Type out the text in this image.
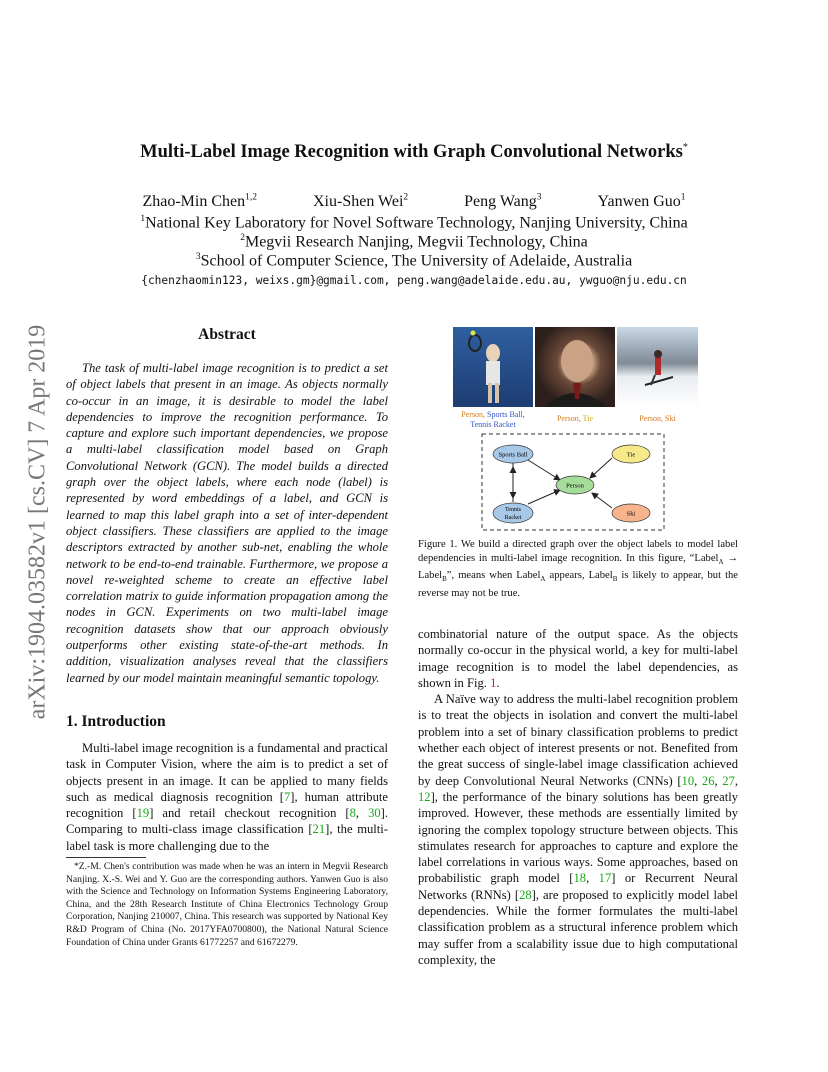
arXiv:1904.03582v1 [cs.CV] 7 Apr 2019
Multi-Label Image Recognition with Graph Convolutional Networks*
Zhao-Min Chen$^{1,2}$	Xiu-Shen Wei$^2$	Peng Wang$^3$	Yanwen Guo$^1$
$^1$National Key Laboratory for Novel Software Technology, Nanjing University, China
$^2$Megvii Research Nanjing, Megvii Technology, China
$^3$School of Computer Science, The University of Adelaide, Australia
{chenzhaomin123, weixs.gm}@gmail.com, peng.wang@adelaide.edu.au, ywguo@nju.edu.cn
Abstract
The task of multi-label image recognition is to predict a set of object labels that present in an image. As objects normally co-occur in an image, it is desirable to model the label dependencies to improve the recognition performance. To capture and explore such important dependencies, we propose a multi-label classification model based on Graph Convolutional Network (GCN). The model builds a directed graph over the object labels, where each node (label) is represented by word embeddings of a label, and GCN is learned to map this label graph into a set of inter-dependent object classifiers. These classifiers are applied to the image descriptors extracted by another sub-net, enabling the whole network to be end-to-end trainable. Furthermore, we propose a novel re-weighted scheme to create an effective label correlation matrix to guide information propagation among the nodes in GCN. Experiments on two multi-label image recognition datasets show that our approach obviously outperforms other existing state-of-the-art methods. In addition, visualization analyses reveal that the classifiers learned by our model maintain meaningful semantic topology.
1. Introduction
Multi-label image recognition is a fundamental and practical task in Computer Vision, where the aim is to predict a set of objects present in an image. It can be applied to many fields such as medical diagnosis recognition [7], human attribute recognition [19] and retail checkout recognition [8, 30]. Comparing to multi-class image classification [21], the multi-label task is more challenging due to the
*Z.-M. Chen's contribution was made when he was an intern in Megvii Research Nanjing. X.-S. Wei and Y. Guo are the corresponding authors. Yanwen Guo is also with the Science and Technology on Information Systems Engineering Laboratory, China, and the 28th Research Institute of China Electronics Technology Group Corporation, Nanjing 210007, China. This research was supported by National Key R&D Program of China (No. 2017YFA0700800), the National Natural Science Foundation of China under Grants 61772257 and 61672279.
Person, Sports Ball,
Tennis Racket
Person, Tie	Person, Ski
Sports Ball	Tie
Person
Tennis
Racket
Ski
Figure 1. We build a directed graph over the object labels to model label dependencies in multi-label image recognition. In this figure, “Label$_A$ → Label$_B$”, means when Label$_A$ appears, Label$_B$ is likely to appear, but the reverse may not be true.

combinatorial nature of the output space. As the objects normally co-occur in the physical world, a key for multi-label image recognition is to model the label dependencies, as shown in Fig. 1.

A Naïve way to address the multi-label recognition problem is to treat the objects in isolation and convert the multi-label problem into a set of binary classification problems to predict whether each object of interest presents or not. Benefited from the great success of single-label image classification achieved by deep Convolutional Neural Networks (CNNs) [10, 26, 27, 12], the performance of the binary solutions has been greatly improved. However, these methods are essentially limited by ignoring the complex topology structure between objects. This stimulates research for approaches to capture and explore the label correlations in various ways. Some approaches, based on probabilistic graph model [18, 17] or Recurrent Neural Networks (RNNs) [28], are proposed to explicitly model label dependencies. While the former formulates the multi-label classification problem as a structural inference problem which may suffer from a scalability issue due to high computational complexity, the
